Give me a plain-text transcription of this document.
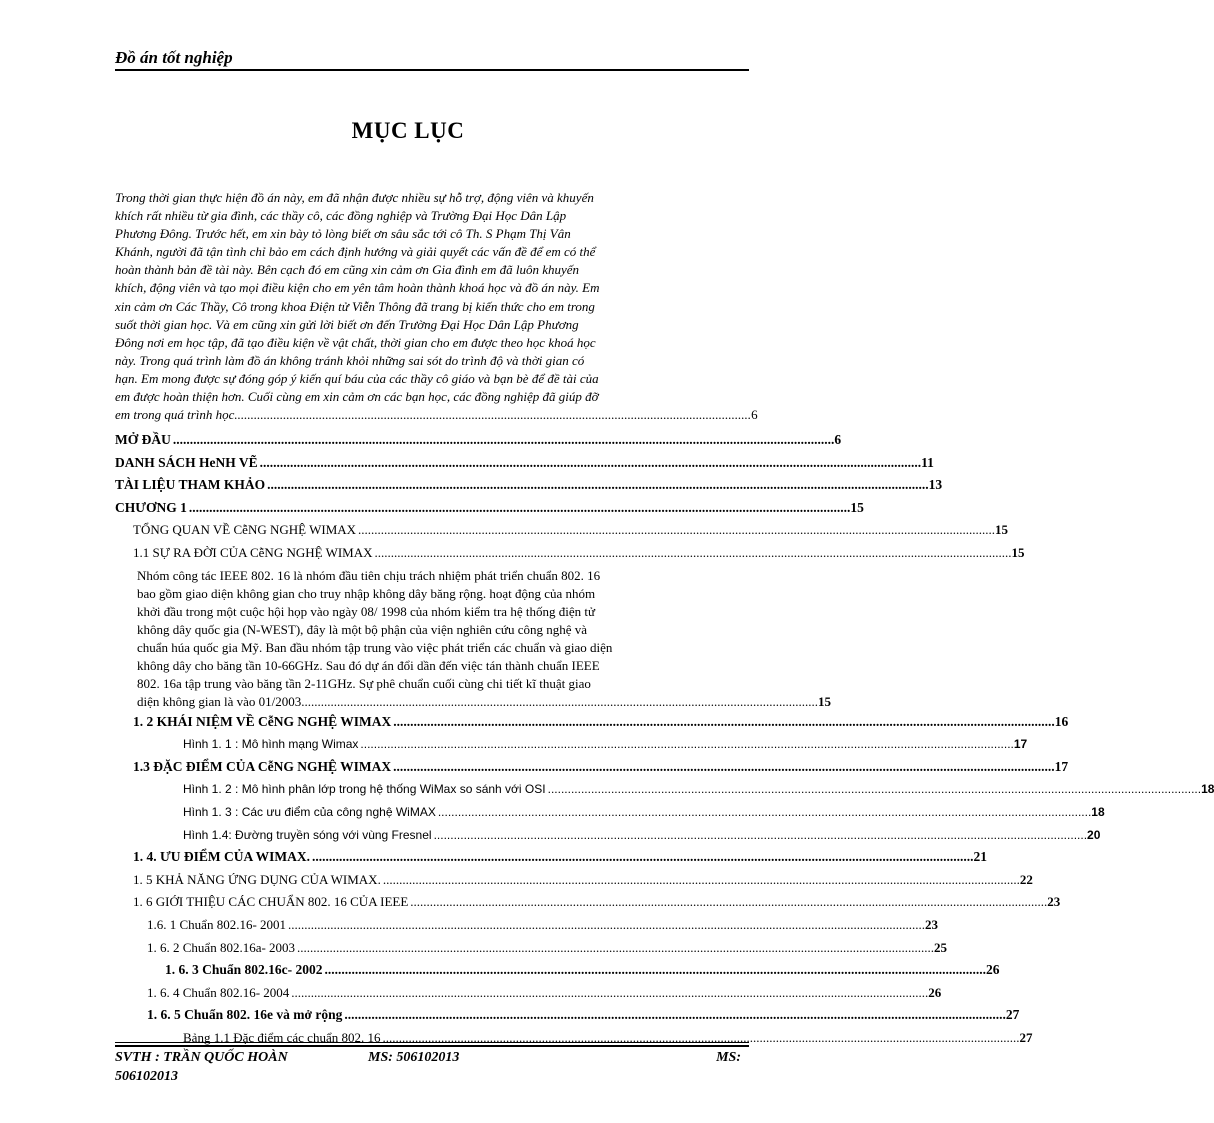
Đồ án tốt nghiệp
MỤC LỤC
Trong thời gian thực hiện đồ án này, em đã nhận được nhiều sự hỗ trợ, động viên và khuyến
khích rất nhiều từ gia đình, các thầy cô, các đồng nghiệp và Trường Đại Học Dân Lập
Phương Đông. Trước hết, em xin bày tỏ lòng biết ơn sâu sắc tới cô Th. S Phạm Thị Vân
Khánh, người đã tận tình chỉ bảo em cách định hướng và giải quyết các vấn đề để em có thể
hoàn thành bản đề tài này. Bên cạch đó em cũng xin cảm ơn Gia đình em đã luôn khuyến
khích, động viên và tạo mọi điều kiện cho em yên tâm hoàn thành khoá học và đồ án này. Em
xin cảm ơn Các Thầy, Cô trong khoa Điện tử Viễn Thông đã trang bị kiến thức cho em trong
suốt thời gian học. Và em cũng xin gửi lời biết ơn đến Trường Đại Học Dân Lập Phương
Đông nơi em học tập, đã tạo điều kiện về vật chất, thời gian cho em được theo học khoá học
này. Trong quá trình làm đồ án không tránh khỏi những sai sót do trình độ và thời gian có
hạn. Em mong được sự đóng góp ý kiến quí báu của các thầy cô giáo và bạn bè để đề tài của
em được hoàn thiện hơn. Cuối cùng em xin cảm ơn các bạn học, các đồng nghiệp đã giúp đỡ
em trong quá trình học. .............................................................................................................................................................. 6
MỞ ĐẦU .................................................................................................................................................................................................... 6
DANH SÁCH HeNH VẼ .................................................................................................................................................................................................... 11
TÀI LIỆU THAM KHẢO .................................................................................................................................................................................................... 13
CHƯƠNG 1 .................................................................................................................................................................................................... 15
TỔNG QUAN VỀ CễNG NGHỆ WIMAX .................................................................................................................................................................................................... 15
1.1 SỰ RA ĐỜI CỦA CễNG NGHỆ WIMAX .................................................................................................................................................................................................... 15
Nhóm công tác IEEE 802. 16 là nhóm đầu tiên chịu trách nhiệm phát triển chuẩn 802. 16
bao gồm giao diện không gian cho truy nhập không dây băng rộng. hoạt động của nhóm
khởi đầu trong một cuộc hội họp vào ngày 08/ 1998 của nhóm kiểm tra hệ thống điện tử
không dây quốc gia (N-WEST), đây là một bộ phận của viện nghiên cứu công nghệ và
chuẩn húa quốc gia Mỹ. Ban đầu nhóm tập trung vào việc phát triển các chuẩn và giao diện
không dây cho băng tần 10-66GHz. Sau đó dự án đổi dần đến việc tán thành chuẩn IEEE
802. 16a tập trung vào băng tần 2-11GHz. Sự phê chuẩn cuối cùng chi tiết kĩ thuật giao
diện không gian là vào 01/2003. .............................................................................................................................................................. 15
1. 2 KHÁI NIỆM VỀ CễNG NGHỆ WIMAX .................................................................................................................................................................................................... 16
Hình 1. 1 : Mô hình mạng Wimax .................................................................................................................................................................................................... 17
1.3 ĐẶC ĐIỂM CỦA CễNG NGHỆ WIMAX .................................................................................................................................................................................................... 17
Hình 1. 2 : Mô hình phân lớp trong hệ thống WiMax so sánh với OSI .................................................................................................................................................................................................... 18
Hình 1. 3 : Các ưu điểm của công nghệ WiMAX .................................................................................................................................................................................................... 18
Hình 1.4: Đường truyền sóng với vùng Fresnel .................................................................................................................................................................................................... 20
1. 4. ƯU ĐIỂM CỦA WIMAX. .................................................................................................................................................................................................... 21
1. 5 KHẢ NĂNG ỨNG DỤNG CỦA WIMAX. .................................................................................................................................................................................................... 22
1. 6 GIỚI THIỆU CÁC CHUẨN 802. 16 CỦA IEEE .................................................................................................................................................................................................... 23
1.6. 1 Chuẩn 802.16- 2001 .................................................................................................................................................................................................... 23
1. 6. 2 Chuẩn 802.16a- 2003 .................................................................................................................................................................................................... 25
1. 6. 3 Chuẩn 802.16c- 2002 .................................................................................................................................................................................................... 26
1. 6. 4 Chuẩn 802.16- 2004 .................................................................................................................................................................................................... 26
1. 6. 5 Chuẩn 802. 16e và mở rộng .................................................................................................................................................................................................... 27
Bảng 1.1 Đặc điểm các chuẩn 802. 16 .................................................................................................................................................................................................... 27
SVTH : TRẦN QUỐC HOÀN	MS: 506102013	MS:
506102013
